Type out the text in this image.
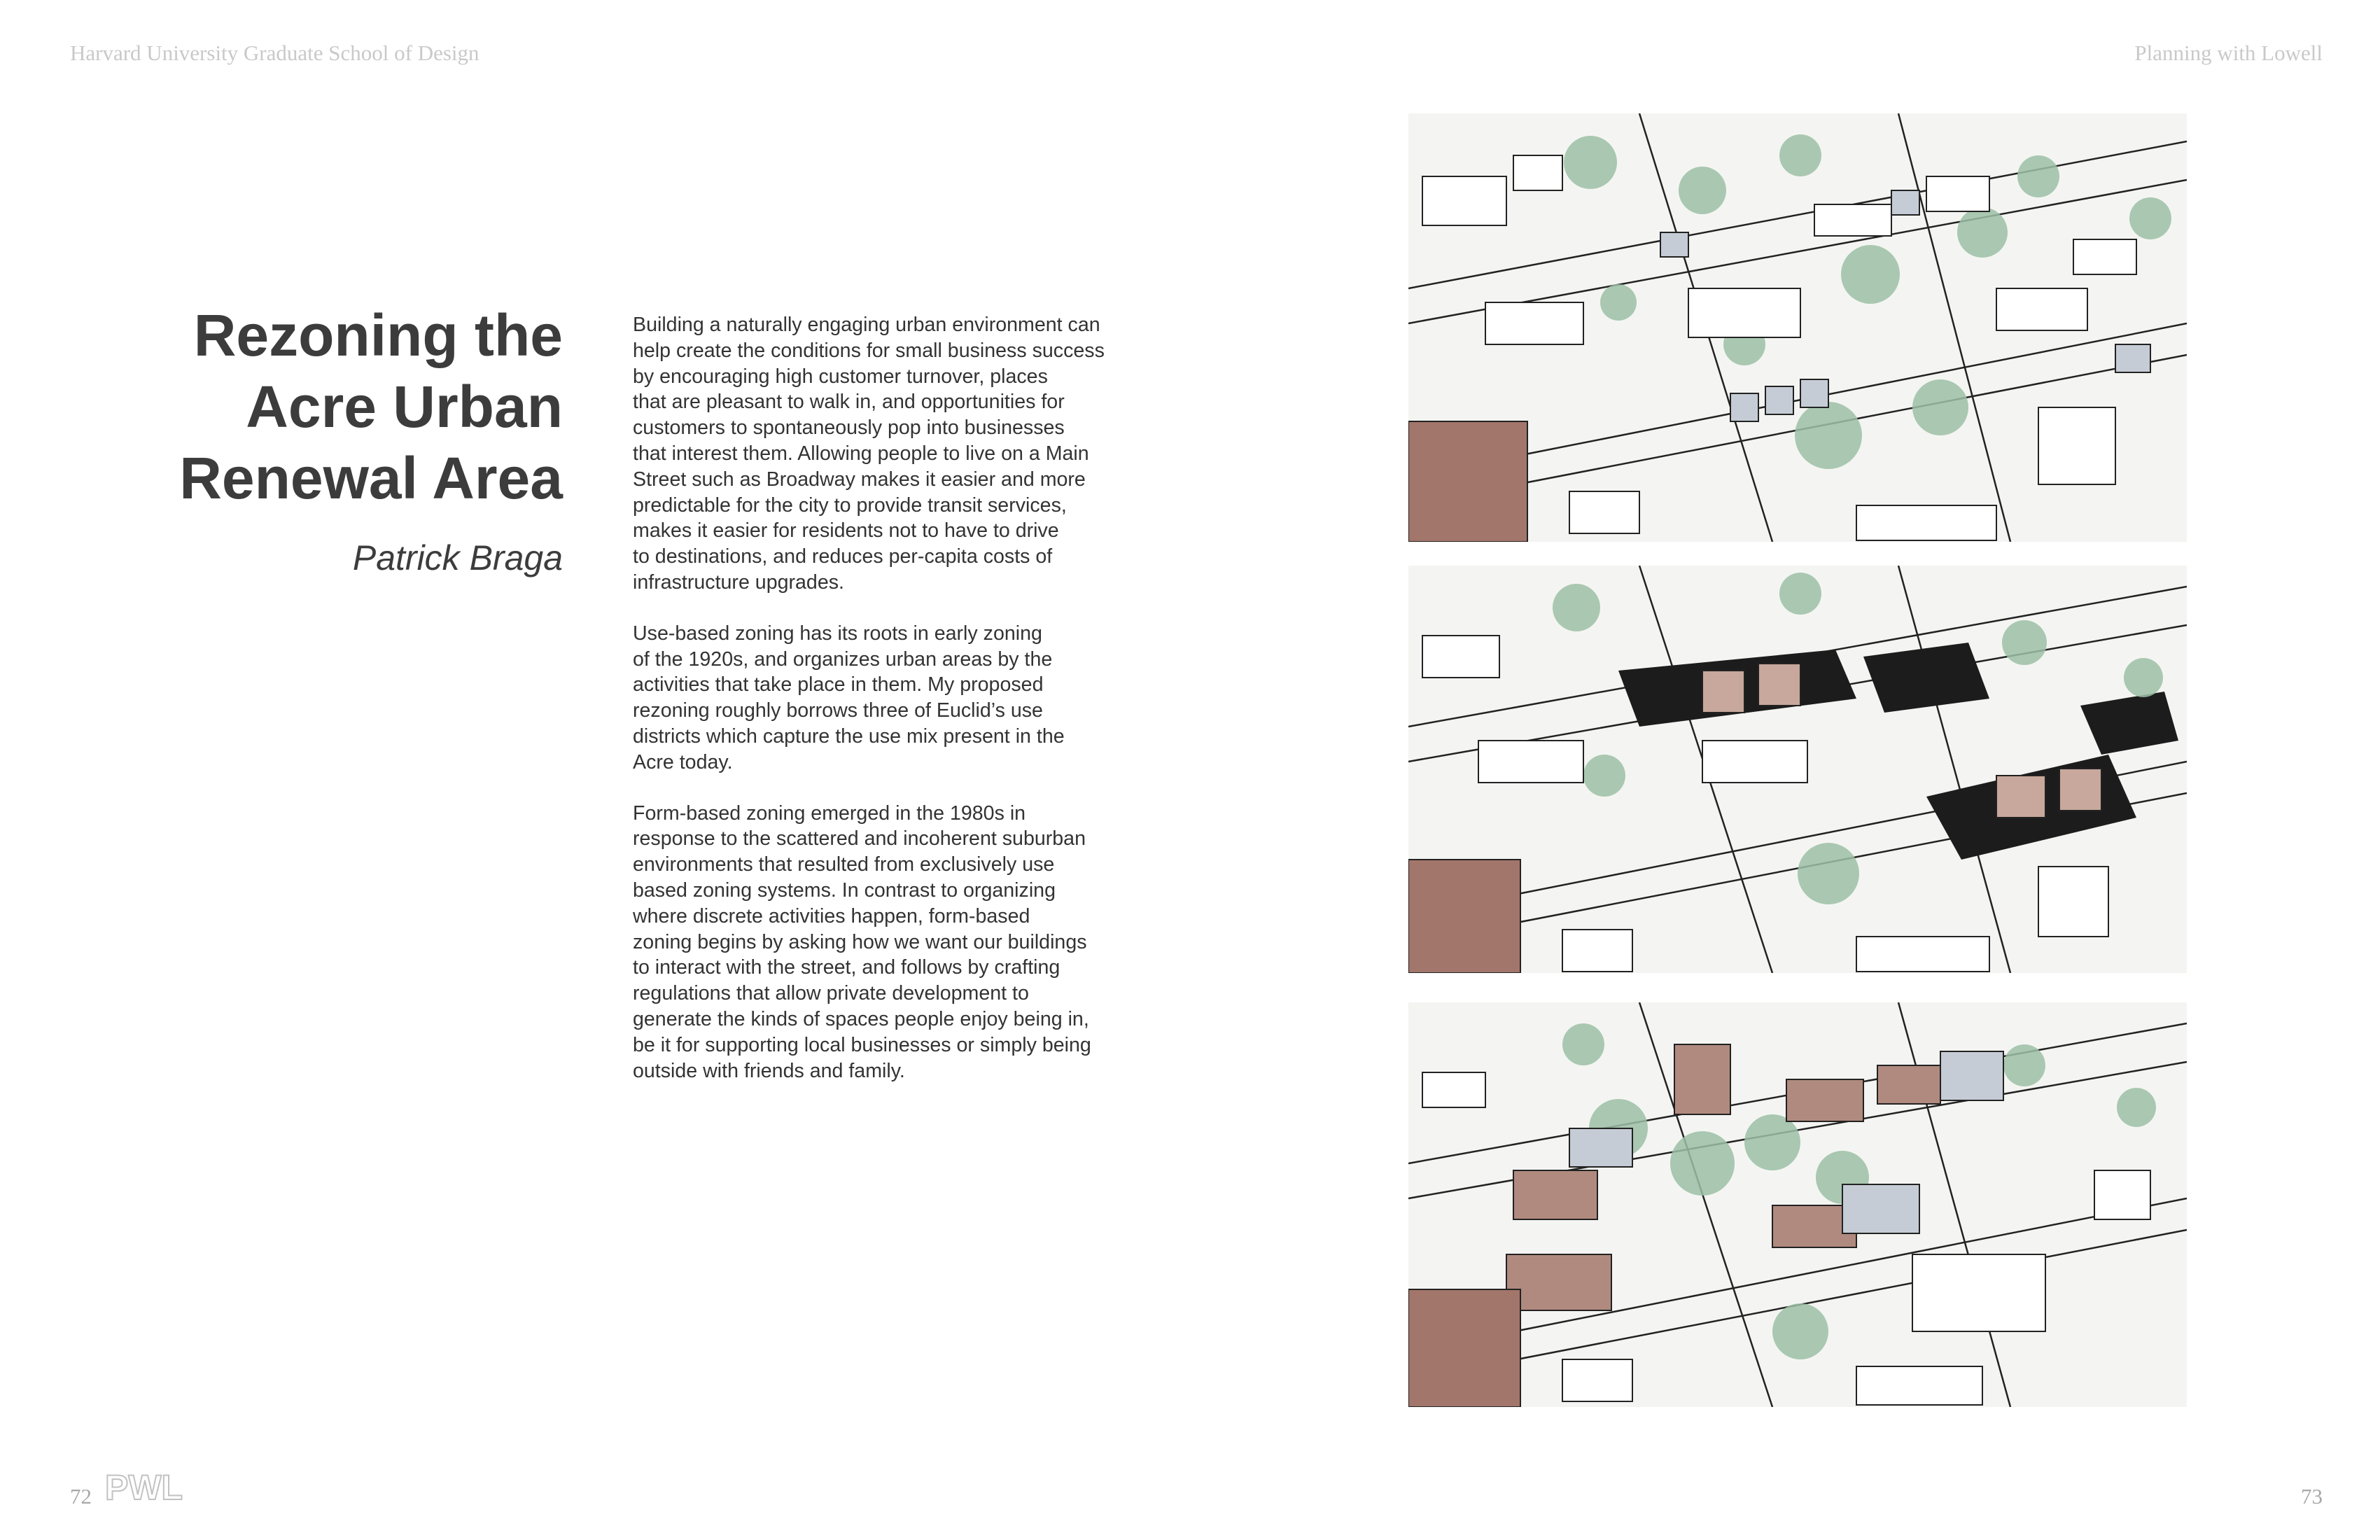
Harvard University Graduate School of Design	Planning with Lowell
Rezoning the
Acre Urban
Renewal Area
Patrick Braga

Building a naturally engaging urban environment can
help create the conditions for small business success
by encouraging high customer turnover, places
that are pleasant to walk in, and opportunities for
customers to spontaneously pop into businesses
that interest them. Allowing people to live on a Main
Street such as Broadway makes it easier and more
predictable for the city to provide transit services,
makes it easier for residents not to have to drive
to destinations, and reduces per-capita costs of
infrastructure upgrades.

Use-based zoning has its roots in early zoning
of the 1920s, and organizes urban areas by the
activities that take place in them. My proposed
rezoning roughly borrows three of Euclid’s use
districts which capture the use mix present in the
Acre today.

Form-based zoning emerged in the 1980s in
response to the scattered and incoherent suburban
environments that resulted from exclusively use
based zoning systems. In contrast to organizing
where discrete activities happen, form-based
zoning begins by asking how we want our buildings
to interact with the street, and follows by crafting
regulations that allow private development to
generate the kinds of spaces people enjoy being in,
be it for supporting local businesses or simply being
outside with friends and family.

72 PWL	73
